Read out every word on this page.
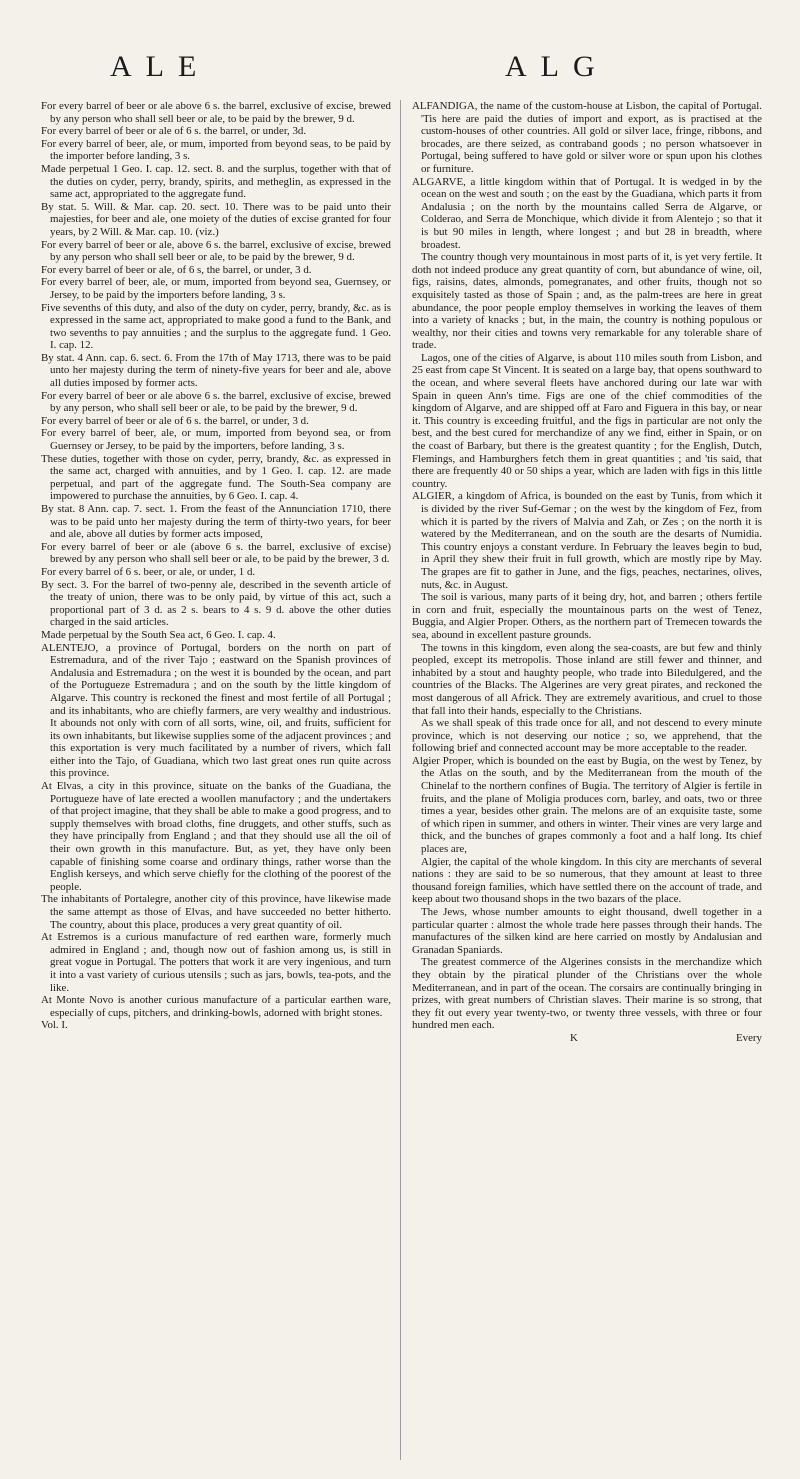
ALE	ALG

For every barrel of beer or ale above 6 s. the barrel, exclusive of excise, brewed by any person who shall sell beer or ale, to be paid by the brewer, 9 d.

For every barrel of beer or ale of 6 s. the barrel, or under, 3d.

For every barrel of beer, ale, or mum, imported from beyond seas, to be paid by the importer before landing, 3 s.

Made perpetual 1 Geo. I. cap. 12. sect. 8. and the surplus, together with that of the duties on cyder, perry, brandy, spirits, and metheglin, as expressed in the same act, appropriated to the aggregate fund.

By stat. 5. Will. & Mar. cap. 20. sect. 10. There was to be paid unto their majesties, for beer and ale, one moiety of the duties of excise granted for four years, by 2 Will. & Mar. cap. 10. (viz.)

For every barrel of beer or ale, above 6 s. the barrel, exclusive of excise, brewed by any person who shall sell beer or ale, to be paid by the brewer, 9 d.

For every barrel of beer or ale, of 6 s, the barrel, or under, 3 d.

For every barrel of beer, ale, or mum, imported from beyond sea, Guernsey, or Jersey, to be paid by the importers before landing, 3 s.

Five sevenths of this duty, and also of the duty on cyder, perry, brandy, &c. as is expressed in the same act, appropriated to make good a fund to the Bank, and two sevenths to pay annuities ; and the surplus to the aggregate fund. 1 Geo. I. cap. 12.

By stat. 4 Ann. cap. 6. sect. 6. From the 17th of May 1713, there was to be paid unto her majesty during the term of ninety-five years for beer and ale, above all duties imposed by former acts.

For every barrel of beer or ale above 6 s. the barrel, exclusive of excise, brewed by any person, who shall sell beer or ale, to be paid by the brewer, 9 d.

For every barrel of beer or ale of 6 s. the barrel, or under, 3 d.

For every barrel of beer, ale, or mum, imported from beyond sea, or from Guernsey or Jersey, to be paid by the importers, before landing, 3 s.

These duties, together with those on cyder, perry, brandy, &c. as expressed in the same act, charged with annuities, and by 1 Geo. I. cap. 12. are made perpetual, and part of the aggregate fund. The South-Sea company are impowered to purchase the annuities, by 6 Geo. I. cap. 4.

By stat. 8 Ann. cap. 7. sect. 1. From the feast of the Annunciation 1710, there was to be paid unto her majesty during the term of thirty-two years, for beer and ale, above all duties by former acts imposed,

For every barrel of beer or ale (above 6 s. the barrel, exclusive of excise) brewed by any person who shall sell beer or ale, to be paid by the brewer, 3 d.

For every barrel of 6 s. beer, or ale, or under, 1 d.

By sect. 3. For the barrel of two-penny ale, described in the seventh article of the treaty of union, there was to be only paid, by virtue of this act, such a proportional part of 3 d. as 2 s. bears to 4 s. 9 d. above the other duties charged in the said articles.

Made perpetual by the South Sea act, 6 Geo. I. cap. 4.

ALENTEJO, a province of Portugal, borders on the north on part of Estremadura, and of the river Tajo ; eastward on the Spanish provinces of Andalusia and Estremadura ; on the west it is bounded by the ocean, and part of the Portugueze Estremadura ; and on the south by the little kingdom of Algarve. This country is reckoned the finest and most fertile of all Portugal ; and its inhabitants, who are chiefly farmers, are very wealthy and industrious. It abounds not only with corn of all sorts, wine, oil, and fruits, sufficient for its own inhabitants, but likewise supplies some of the adjacent provinces ; and this exportation is very much facilitated by a number of rivers, which fall either into the Tajo, of Guadiana, which two last great ones run quite across this province.

At Elvas, a city in this province, situate on the banks of the Guadiana, the Portugueze have of late erected a woollen manufactory ; and the undertakers of that project imagine, that they shall be able to make a good progress, and to supply themselves with broad cloths, fine druggets, and other stuffs, such as they have principally from England ; and that they should use all the oil of their own growth in this manufacture. But, as yet, they have only been capable of finishing some coarse and ordinary things, rather worse than the English kerseys, and which serve chiefly for the clothing of the poorest of the people.

The inhabitants of Portalegre, another city of this province, have likewise made the same attempt as those of Elvas, and have succeeded no better hitherto. The country, about this place, produces a very great quantity of oil.

At Estremos is a curious manufacture of red earthen ware, formerly much admired in England ; and, though now out of fashion among us, is still in great vogue in Portugal. The potters that work it are very ingenious, and turn it into a vast variety of curious utensils ; such as jars, bowls, tea-pots, and the like.

At Monte Novo is another curious manufacture of a particular earthen ware, especially of cups, pitchers, and drinking-bowls, adorned with bright stones.

Vol. I.

ALFANDIGA, the name of the custom-house at Lisbon, the capital of Portugal. 'Tis here are paid the duties of import and export, as is practised at the custom-houses of other countries. All gold or silver lace, fringe, ribbons, and brocades, are there seized, as contraband goods ; no person whatsoever in Portugal, being suffered to have gold or silver wore or spun upon his clothes or furniture.

ALGARVE, a little kingdom within that of Portugal. It is wedged in by the ocean on the west and south ; on the east by the Guadiana, which parts it from Andalusia ; on the north by the mountains called Serra de Algarve, or Colderao, and Serra de Monchique, which divide it from Alentejo ; so that it is but 90 miles in length, where longest ; and but 28 in breadth, where broadest.

The country though very mountainous in most parts of it, is yet very fertile. It doth not indeed produce any great quantity of corn, but abundance of wine, oil, figs, raisins, dates, almonds, pomegranates, and other fruits, though not so exquisitely tasted as those of Spain ; and, as the palm-trees are here in great abundance, the poor people employ themselves in working the leaves of them into a variety of knacks ; but, in the main, the country is nothing populous or wealthy, nor their cities and towns very remarkable for any tolerable share of trade.

Lagos, one of the cities of Algarve, is about 110 miles south from Lisbon, and 25 east from cape St Vincent. It is seated on a large bay, that opens southward to the ocean, and where several fleets have anchored during our late war with Spain in queen Ann's time. Figs are one of the chief commodities of the kingdom of Algarve, and are shipped off at Faro and Figuera in this bay, or near it. This country is exceeding fruitful, and the figs in particular are not only the best, and the best cured for merchandize of any we find, either in Spain, or on the coast of Barbary, but there is the greatest quantity ; for the English, Dutch, Flemings, and Hamburghers fetch them in great quantities ; and 'tis said, that there are frequently 40 or 50 ships a year, which are laden with figs in this little country.

ALGIER, a kingdom of Africa, is bounded on the east by Tunis, from which it is divided by the river Suf-Gemar ; on the west by the kingdom of Fez, from which it is parted by the rivers of Malvia and Zah, or Zes ; on the north it is watered by the Mediterranean, and on the south are the desarts of Numidia. This country enjoys a constant verdure. In February the leaves begin to bud, in April they shew their fruit in full growth, which are mostly ripe by May. The grapes are fit to gather in June, and the figs, peaches, nectarines, olives, nuts, &c. in August.

The soil is various, many parts of it being dry, hot, and barren ; others fertile in corn and fruit, especially the mountainous parts on the west of Tenez, Buggia, and Algier Proper. Others, as the northern part of Tremecen towards the sea, abound in excellent pasture grounds.

The towns in this kingdom, even along the sea-coasts, are but few and thinly peopled, except its metropolis. Those inland are still fewer and thinner, and inhabited by a stout and haughty people, who trade into Biledulgered, and the countries of the Blacks. The Algerines are very great pirates, and reckoned the most dangerous of all Africk. They are extremely avaritious, and cruel to those that fall into their hands, especially to the Christians.

As we shall speak of this trade once for all, and not descend to every minute province, which is not deserving our notice ; so, we apprehend, that the following brief and connected account may be more acceptable to the reader.

Algier Proper, which is bounded on the east by Bugia, on the west by Tenez, by the Atlas on the south, and by the Mediterranean from the mouth of the Chinelaf to the northern confines of Bugia. The territory of Algier is fertile in fruits, and the plane of Moligia produces corn, barley, and oats, two or three times a year, besides other grain. The melons are of an exquisite taste, some of which ripen in summer, and others in winter. Their vines are very large and thick, and the bunches of grapes commonly a foot and a half long. Its chief places are,

Algier, the capital of the whole kingdom. In this city are merchants of several nations : they are said to be so numerous, that they amount at least to three thousand foreign families, which have settled there on the account of trade, and keep about two thousand shops in the two bazars of the place.

The Jews, whose number amounts to eight thousand, dwell together in a particular quarter : almost the whole trade here passes through their hands. The manufactures of the silken kind are here carried on mostly by Andalusian and Granadan Spaniards.

The greatest commerce of the Algerines consists in the merchandize which they obtain by the piratical plunder of the Christians over the whole Mediterranean, and in part of the ocean. The corsairs are continually bringing in prizes, with great numbers of Christian slaves. Their marine is so strong, that they fit out every year twenty-two, or twenty three vessels, with three or four hundred men each.

K	Every
